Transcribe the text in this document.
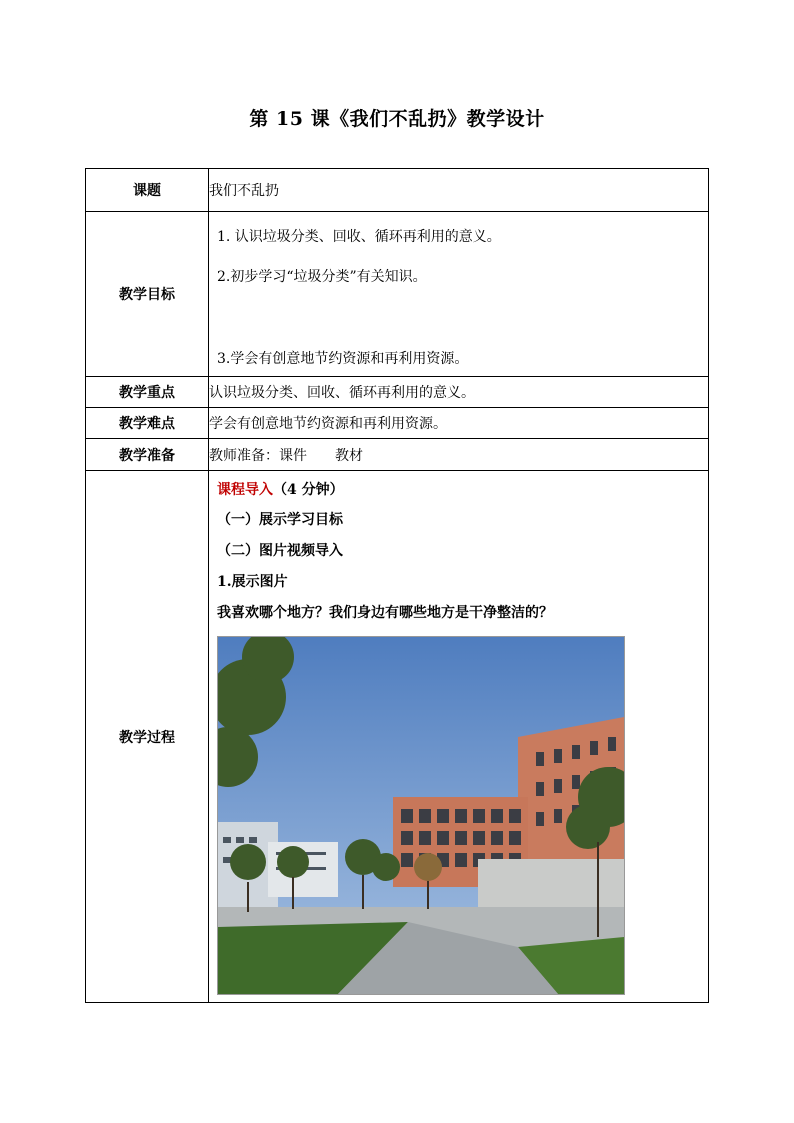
第 15 课《我们不乱扔》教学设计
课题	我们不乱扔
教学目标	1. 认识垃圾分类、回收、循环再利用的意义。

2.初步学习“垃圾分类”有关知识。

3.学会有创意地节约资源和再利用资源。

教学重点	认识垃圾分类、回收、循环再利用的意义。
教学难点	学会有创意地节约资源和再利用资源。
教学准备	教师准备：课件　　教材
教学过程	课程导入（4 分钟）

（一）展示学习目标

（二）图片视频导入

1.展示图片

我喜欢哪个地方？我们身边有哪些地方是干净整洁的？
